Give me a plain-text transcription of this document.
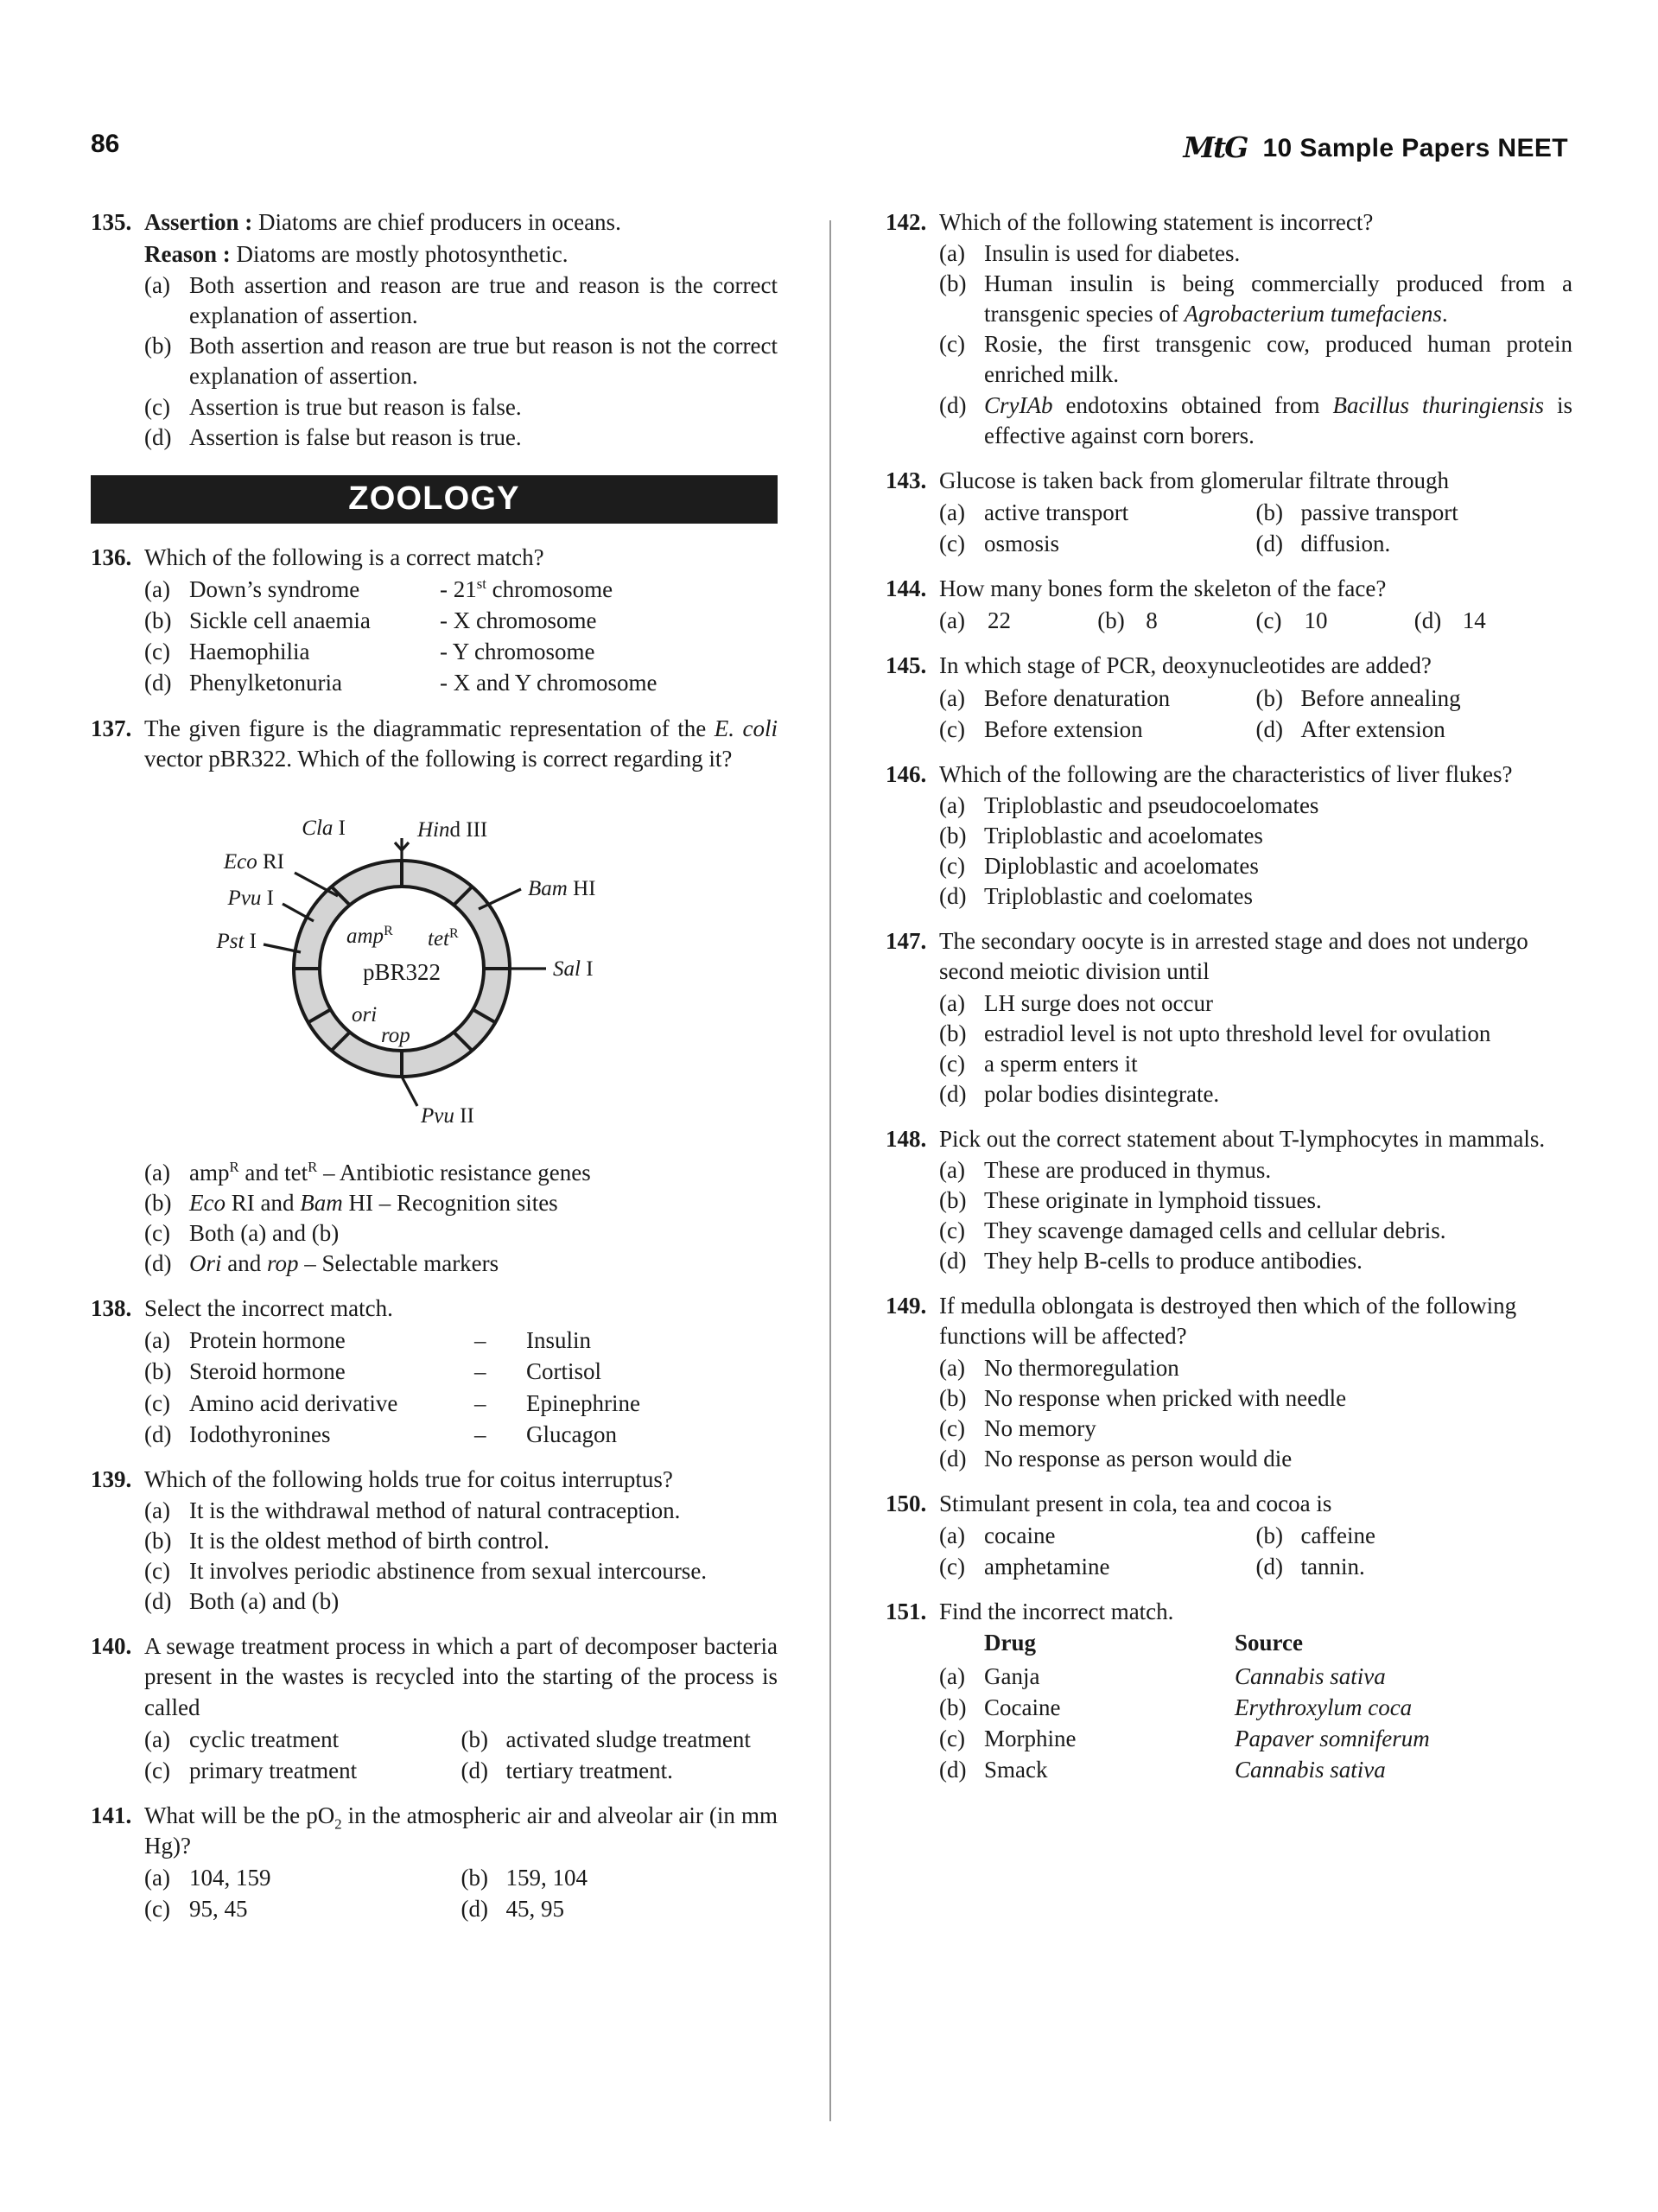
86	MtG 10 Sample Papers NEET
135. Assertion : Diatoms are chief producers in oceans.
Reason : Diatoms are mostly photosynthetic.
(a) Both assertion and reason are true and reason is the correct explanation of assertion.
(b) Both assertion and reason are true but reason is not the correct explanation of assertion.
(c) Assertion is true but reason is false.
(d) Assertion is false but reason is true.
ZOOLOGY
136. Which of the following is a correct match?
(a) Down’s syndrome	- 21st chromosome
(b) Sickle cell anaemia	- X chromosome
(c) Haemophilia	- Y chromosome
(d) Phenylketonuria	- X and Y chromosome
137. The given figure is the diagrammatic representation of the E. coli vector pBR322. Which of the following is correct regarding it?
Eco RI
Cla I	Hind III
Pvu I
Pst I
Bam HI
Sal I
Pvu II
amp$^R$ tet$^R$
pBR322
ori
rop
(a) amp$^R$ and tet$^R$ – Antibiotic resistance genes
(b) Eco RI and Bam HI – Recognition sites
(c) Both (a) and (b)
(d) Ori and rop – Selectable markers
138. Select the incorrect match.
(a) Protein hormone	–	Insulin
(b) Steroid hormone	–	Cortisol
(c) Amino acid derivative	–	Epinephrine
(d) Iodothyronines	–	Glucagon
139. Which of the following holds true for coitus interruptus?
(a) It is the withdrawal method of natural contraception.
(b) It is the oldest method of birth control.
(c) It involves periodic abstinence from sexual intercourse.
(d) Both (a) and (b)
140. A sewage treatment process in which a part of decomposer bacteria present in the wastes is recycled into the starting of the process is called
(a) cyclic treatment	(b) activated sludge treatment
(c) primary treatment	(d) tertiary treatment.
141. What will be the $pO_2$ in the atmospheric air and alveolar air (in mm Hg)?
(a) 104, 159	(b) 159, 104
(c) 95, 45	(d) 45, 95
142. Which of the following statement is incorrect?
(a) Insulin is used for diabetes.
(b) Human insulin is being commercially produced from a transgenic species of Agrobacterium tumefaciens.
(c) Rosie, the first transgenic cow, produced human protein enriched milk.
(d) CryIAb endotoxins obtained from Bacillus thuringiensis is effective against corn borers.
143. Glucose is taken back from glomerular filtrate through
(a) active transport	(b) passive transport
(c) osmosis	(d) diffusion.
144. How many bones form the skeleton of the face?
(a) 22	(b) 8	(c) 10	(d) 14
145. In which stage of PCR, deoxynucleotides are added?
(a) Before denaturation	(b) Before annealing
(c) Before extension	(d) After extension
146. Which of the following are the characteristics of liver flukes?
(a) Triploblastic and pseudocoelomates
(b) Triploblastic and acoelomates
(c) Diploblastic and acoelomates
(d) Triploblastic and coelomates
147. The secondary oocyte is in arrested stage and does not undergo second meiotic division until
(a) LH surge does not occur
(b) estradiol level is not upto threshold level for ovulation
(c) a sperm enters it
(d) polar bodies disintegrate.
148. Pick out the correct statement about T-lymphocytes in mammals.
(a) These are produced in thymus.
(b) These originate in lymphoid tissues.
(c) They scavenge damaged cells and cellular debris.
(d) They help B-cells to produce antibodies.
149. If medulla oblongata is destroyed then which of the following functions will be affected?
(a) No thermoregulation
(b) No response when pricked with needle
(c) No memory
(d) No response as person would die
150. Stimulant present in cola, tea and cocoa is
(a) cocaine	(b) caffeine
(c) amphetamine	(d) tannin.
151. Find the incorrect match.
Drug	Source
(a) Ganja	Cannabis sativa
(b) Cocaine	Erythroxylum coca
(c) Morphine	Papaver somniferum
(d) Smack	Cannabis sativa
